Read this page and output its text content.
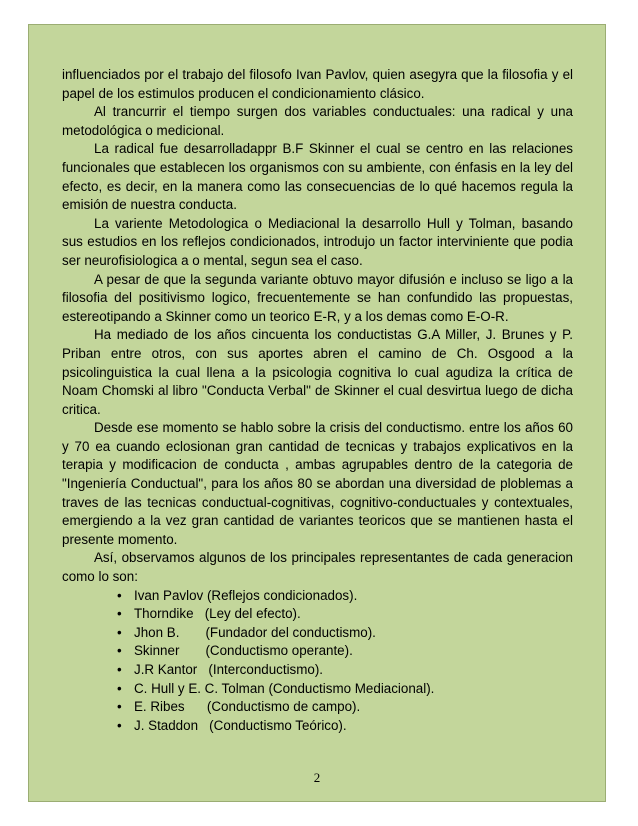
influenciados por el trabajo del filosofo Ivan Pavlov, quien asegyra que la filosofia y el papel de los estimulos producen el condicionamiento clásico.

Al trancurrir el tiempo surgen dos variables conductuales: una radical y una metodológica o medicional.

La radical fue desarrolladappr B.F Skinner el cual se centro en las relaciones funcionales que establecen los organismos con su ambiente, con énfasis en la ley del efecto, es decir, en la manera como las consecuencias de lo qué hacemos regula la emisión de nuestra conducta.

La variente Metodologica o Mediacional la desarrollo Hull y Tolman, basando sus estudios en los reflejos condicionados, introdujo un factor interviniente que podia ser neurofisiologica a o mental, segun sea el caso.

A pesar de que la segunda variante obtuvo mayor difusión e incluso se ligo a la filosofia del positivismo logico, frecuentemente se han confundido las propuestas, estereotipando a Skinner como un teorico E-R, y a los demas como E-O-R.

Ha mediado de los años cincuenta los conductistas G.A Miller, J. Brunes y P. Priban entre otros, con sus aportes abren el camino de Ch. Osgood a la psicolinguistica la cual llena a la psicologia cognitiva lo cual agudiza la crítica de Noam Chomski al libro "Conducta Verbal" de Skinner el cual desvirtua luego de dicha critica.

Desde ese momento se hablo sobre la crisis del conductismo. entre los años 60 y 70 ea cuando eclosionan gran cantidad de tecnicas y trabajos explicativos en la terapia y modificacion de conducta , ambas agrupables dentro de la categoria de "Ingeniería Conductual", para los años 80 se abordan una diversidad de ploblemas a traves de las tecnicas conductual-cognitivas, cognitivo-conductuales y contextuales, emergiendo a la vez gran cantidad de variantes teoricos que se mantienen hasta el presente momento.

Así, observamos algunos de los principales representantes de cada generacion como lo son:

• Ivan Pavlov (Reflejos condicionados).
• Thorndike   (Ley del efecto).
• Jhon B.       (Fundador del conductismo).
• Skinner       (Conductismo operante).
• J.R Kantor   (Interconductismo).
• C. Hull y E. C. Tolman (Conductismo Mediacional).
• E. Ribes      (Conductismo de campo).
• J. Staddon   (Conductismo Teórico).
2
